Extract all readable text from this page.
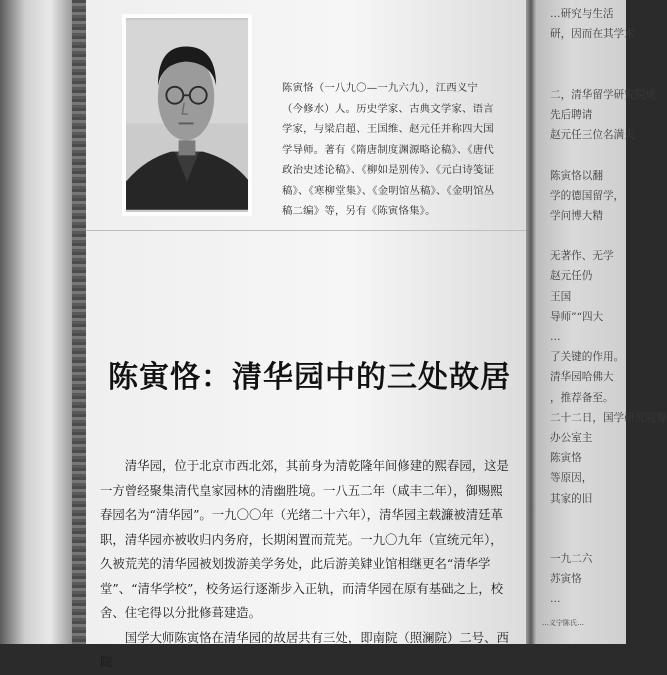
陈寅恪（一八九〇—一九六九），江西义宁（今修水）人。历史学家、古典文学家、语言学家，与梁启超、王国维、赵元任并称四大国学导师。著有《隋唐制度渊源略论稿》、《唐代政治史述论稿》、《柳如是别传》、《元白诗笺证稿》、《寒柳堂集》、《金明馆丛稿》、《金明馆丛稿二编》等，另有《陈寅恪集》。
陈寅恪：清华园中的三处故居

清华园，位于北京市西北郊，其前身为清乾隆年间修建的熙春园，这是一方曾经聚集清代皇家园林的清幽胜境。一八五二年（咸丰二年），御赐熙春园名为“清华园”。一九〇〇年（光绪二十六年），清华园主载濂被清廷革职，清华园亦被收归内务府，长期闲置而荒芜。一九〇九年（宣统元年），久被荒芜的清华园被划拨游美学务处，此后游美肄业馆相继更名“清华学堂”、“清华学校”，校务运行逐渐步入正轨，而清华园在原有基础之上，校舍、住宅得以分批修葺建造。

国学大师陈寅恪在清华园的故居共有三处，即南院（照澜院）二号、西院

…研究与生活
研，因而在其学术
二，清华留学研究院成
先后聘请
赵元任三位名满天
陈寅恪以翻
学的德国留学，
学问博大精
无著作、无学
赵元任仍
王国
导师”“四大
…
了关键的作用。
清华园哈佛大
，推荐备至。
二十二日，国学研究院筹
办公室主
陈寅恪
等原因，
其家的旧
一九二六
苏寅恪
…
…义宁陈氏…
